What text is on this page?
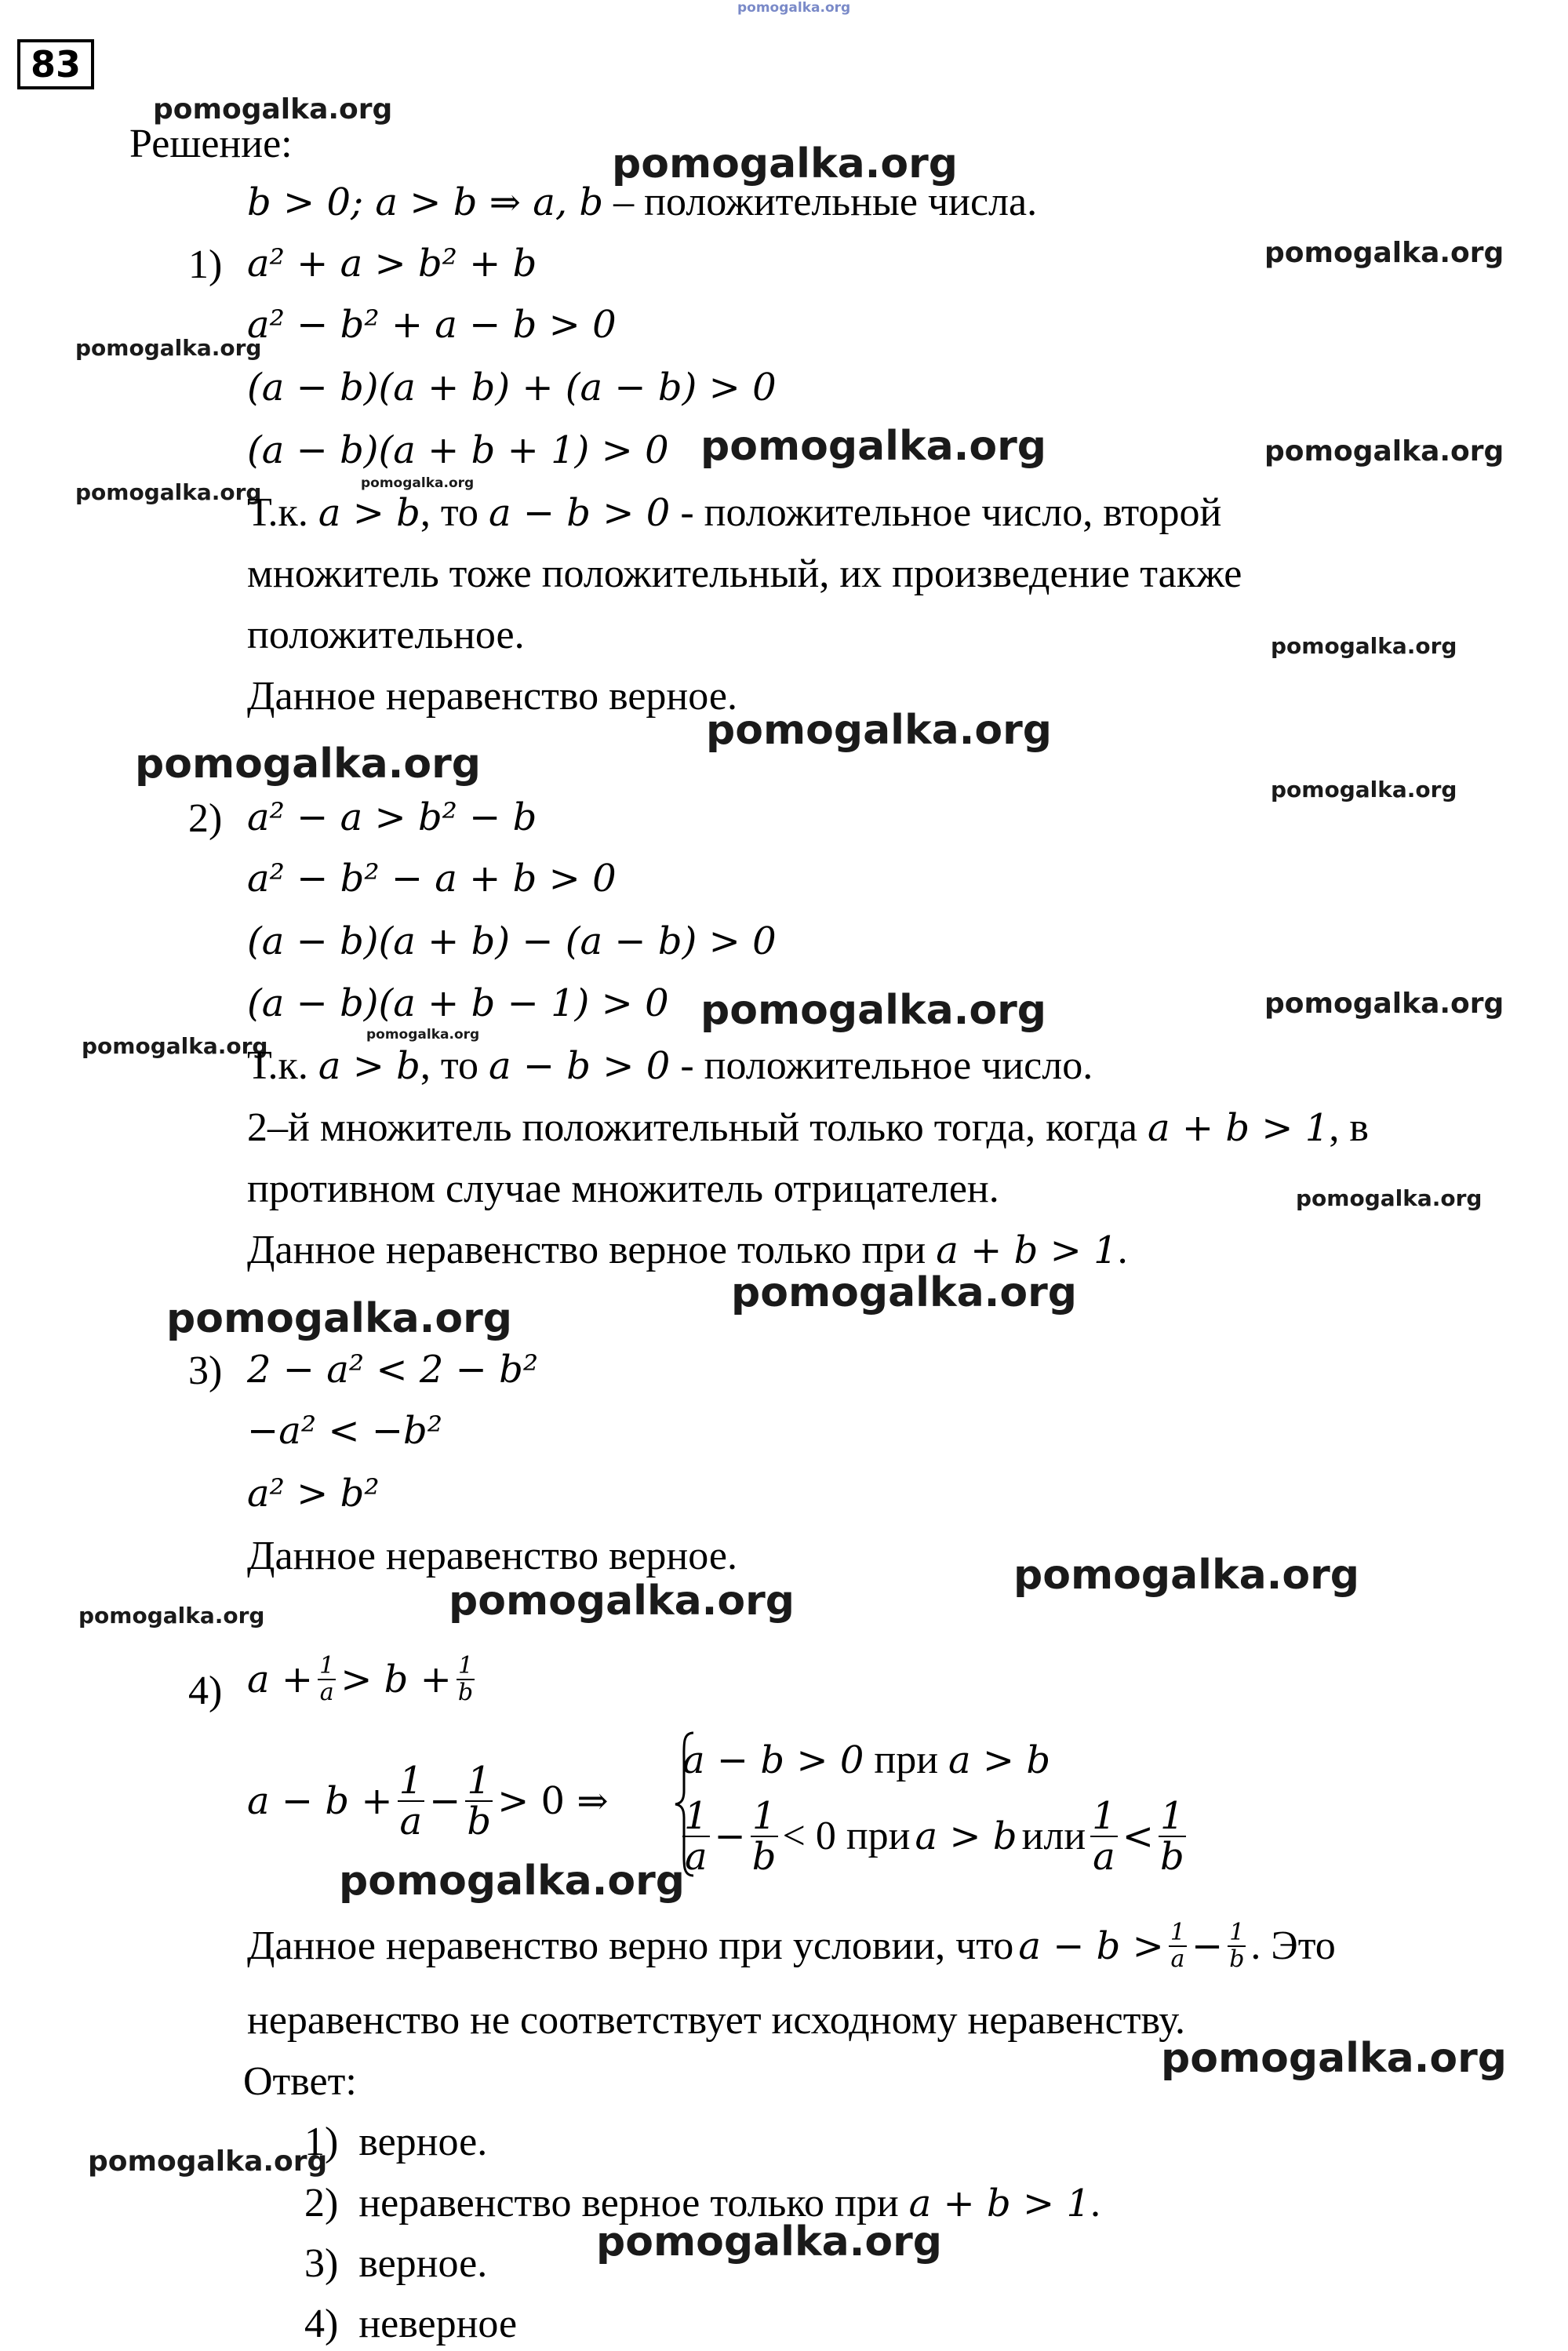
pomogalka.org
83
pomogalka.org
pomogalka.org
pomogalka.org
pomogalka.org
pomogalka.org	pomogalka.org
pomogalka.org	pomogalka.org
pomogalka.org
pomogalka.org
pomogalka.org
pomogalka.org
pomogalka.org	pomogalka.org
pomogalka.org	pomogalka.org
pomogalka.org
pomogalka.org
pomogalka.org
pomogalka.org
pomogalka.org
pomogalka.org
pomogalka.org
pomogalka.org
pomogalka.org
pomogalka.org
Решение:
b > 0; a > b ⇒ a, b – положительные числа.
1) a² + a > b² + b
a² − b² + a − b > 0
(a − b)(a + b) + (a − b) > 0
(a − b)(a + b + 1) > 0
Т.к. a > b, то a − b > 0 - положительное число, второй
множитель тоже положительный, их произведение также
положительное.
Данное неравенство верное.
2) a² − a > b² − b
a² − b² − a + b > 0
(a − b)(a + b) − (a − b) > 0
(a − b)(a + b − 1) > 0
Т.к. a > b, то a − b > 0 - положительное число.
2–й множитель положительный только тогда, когда a + b > 1, в
противном случае множитель отрицателен.
Данное неравенство верное только при a + b > 1.
3) 2 − a² < 2 − b²
−a² < −b²
a² > b²
Данное неравенство верное.
4) $a + \frac{1}{a} > b + \frac{1}{b}$
$a - b + \frac{1}{a} - \frac{1}{b} > 0$ ⇒
a − b > 0 при a > b
$\frac{1}{a} - \frac{1}{b} < 0$ при a > b или $\frac{1}{a} < \frac{1}{b}$
Данное неравенство верно при условии, что $a - b > \frac{1}{a} - \frac{1}{b}$ . Это
неравенство не соответствует исходному неравенству.
Ответ:
1) верное.
2) неравенство верное только при a + b > 1.
3) верное.
4) неверное
